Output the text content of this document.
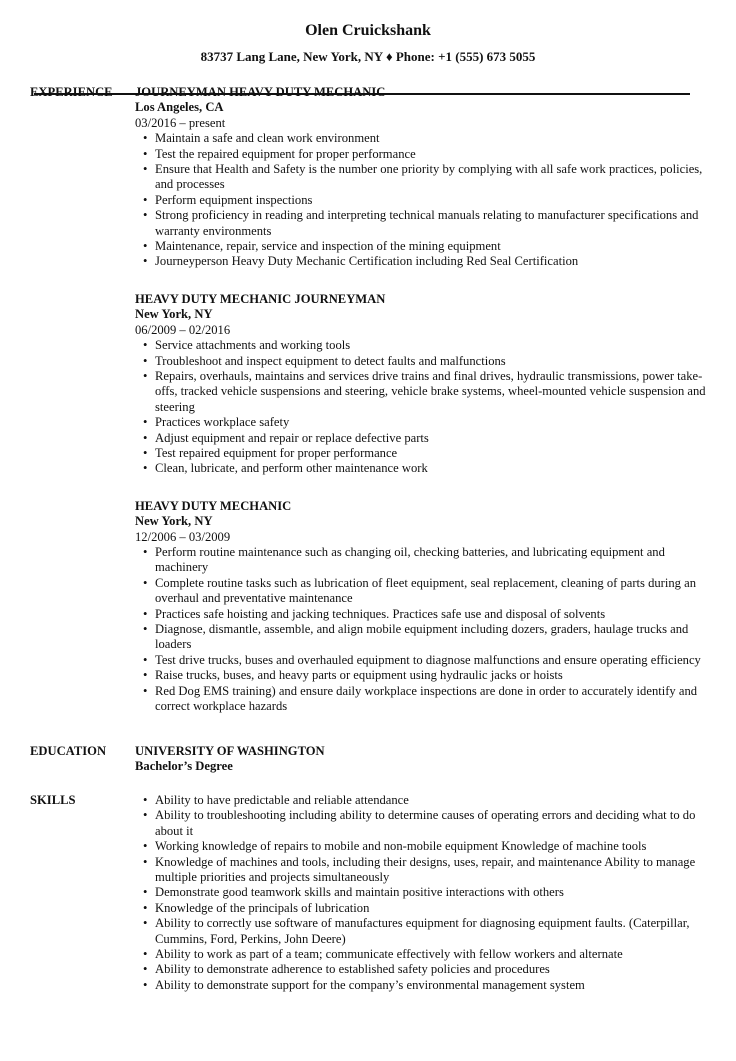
Olen Cruickshank
83737 Lang Lane, New York, NY ♦ Phone: +1 (555) 673 5055
EXPERIENCE JOURNEYMAN HEAVY DUTY MECHANIC
Los Angeles, CA
03/2016 – present
• Maintain a safe and clean work environment
• Test the repaired equipment for proper performance
• Ensure that Health and Safety is the number one priority by complying with all safe work practices, policies, and processes
• Perform equipment inspections
• Strong proficiency in reading and interpreting technical manuals relating to manufacturer specifications and warranty environments
• Maintenance, repair, service and inspection of the mining equipment
• Journeyperson Heavy Duty Mechanic Certification including Red Seal Certification
HEAVY DUTY MECHANIC JOURNEYMAN
New York, NY
06/2009 – 02/2016
• Service attachments and working tools
• Troubleshoot and inspect equipment to detect faults and malfunctions
• Repairs, overhauls, maintains and services drive trains and final drives, hydraulic transmissions, power take-offs, tracked vehicle suspensions and steering, vehicle brake systems, wheel-mounted vehicle suspension and steering
• Practices workplace safety
• Adjust equipment and repair or replace defective parts
• Test repaired equipment for proper performance
• Clean, lubricate, and perform other maintenance work
HEAVY DUTY MECHANIC
New York, NY
12/2006 – 03/2009
• Perform routine maintenance such as changing oil, checking batteries, and lubricating equipment and machinery
• Complete routine tasks such as lubrication of fleet equipment, seal replacement, cleaning of parts during an overhaul and preventative maintenance
• Practices safe hoisting and jacking techniques. Practices safe use and disposal of solvents
• Diagnose, dismantle, assemble, and align mobile equipment including dozers, graders, haulage trucks and loaders
• Test drive trucks, buses and overhauled equipment to diagnose malfunctions and ensure operating efficiency
• Raise trucks, buses, and heavy parts or equipment using hydraulic jacks or hoists
• Red Dog EMS training) and ensure daily workplace inspections are done in order to accurately identify and correct workplace hazards
EDUCATION UNIVERSITY OF WASHINGTON
Bachelor’s Degree
SKILLS	• Ability to have predictable and reliable attendance
• Ability to troubleshooting including ability to determine causes of operating errors and deciding what to do about it
• Working knowledge of repairs to mobile and non-mobile equipment Knowledge of machine tools
• Knowledge of machines and tools, including their designs, uses, repair, and maintenance Ability to manage multiple priorities and projects simultaneously
• Demonstrate good teamwork skills and maintain positive interactions with others
• Knowledge of the principals of lubrication
• Ability to correctly use software of manufactures equipment for diagnosing equipment faults. (Caterpillar, Cummins, Ford, Perkins, John Deere)
• Ability to work as part of a team; communicate effectively with fellow workers and alternate
• Ability to demonstrate adherence to established safety policies and procedures
• Ability to demonstrate support for the company’s environmental management system
